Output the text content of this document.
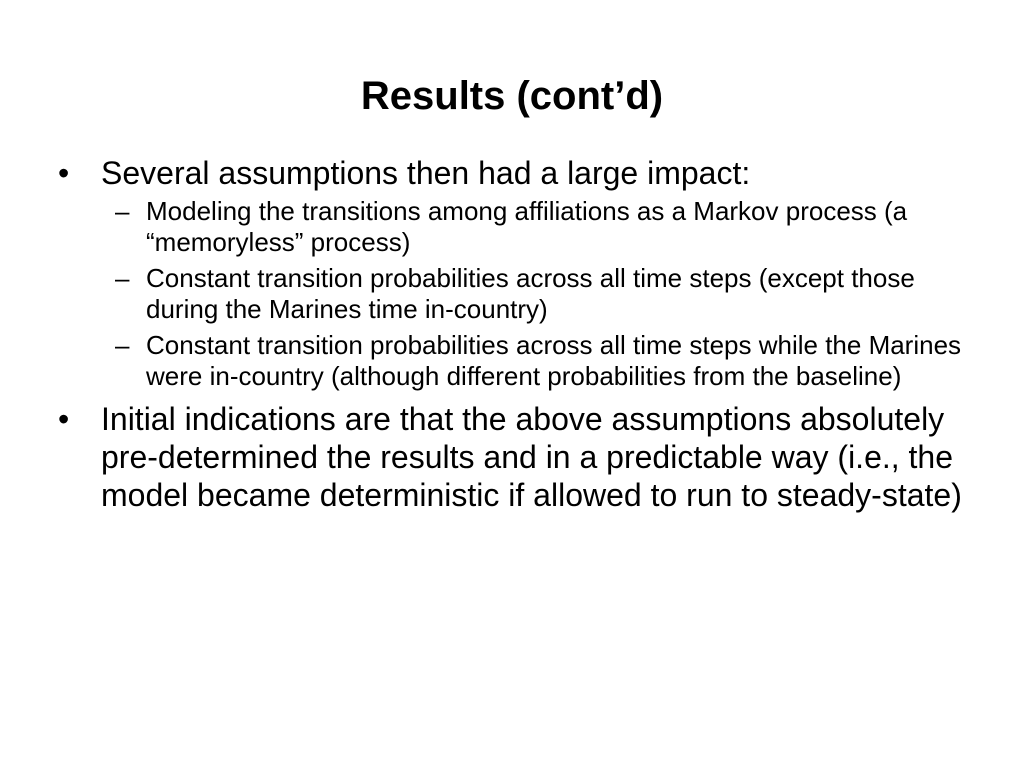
Results (cont’d)
• Several assumptions then had a large impact:
– Modeling the transitions among affiliations as a Markov process (a “memoryless” process)
– Constant transition probabilities across all time steps (except those during the Marines time in-country)
– Constant transition probabilities across all time steps while the Marines were in-country (although different probabilities from the baseline)
• Initial indications are that the above assumptions absolutely pre-determined the results and in a predictable way (i.e., the model became deterministic if allowed to run to steady-state)
